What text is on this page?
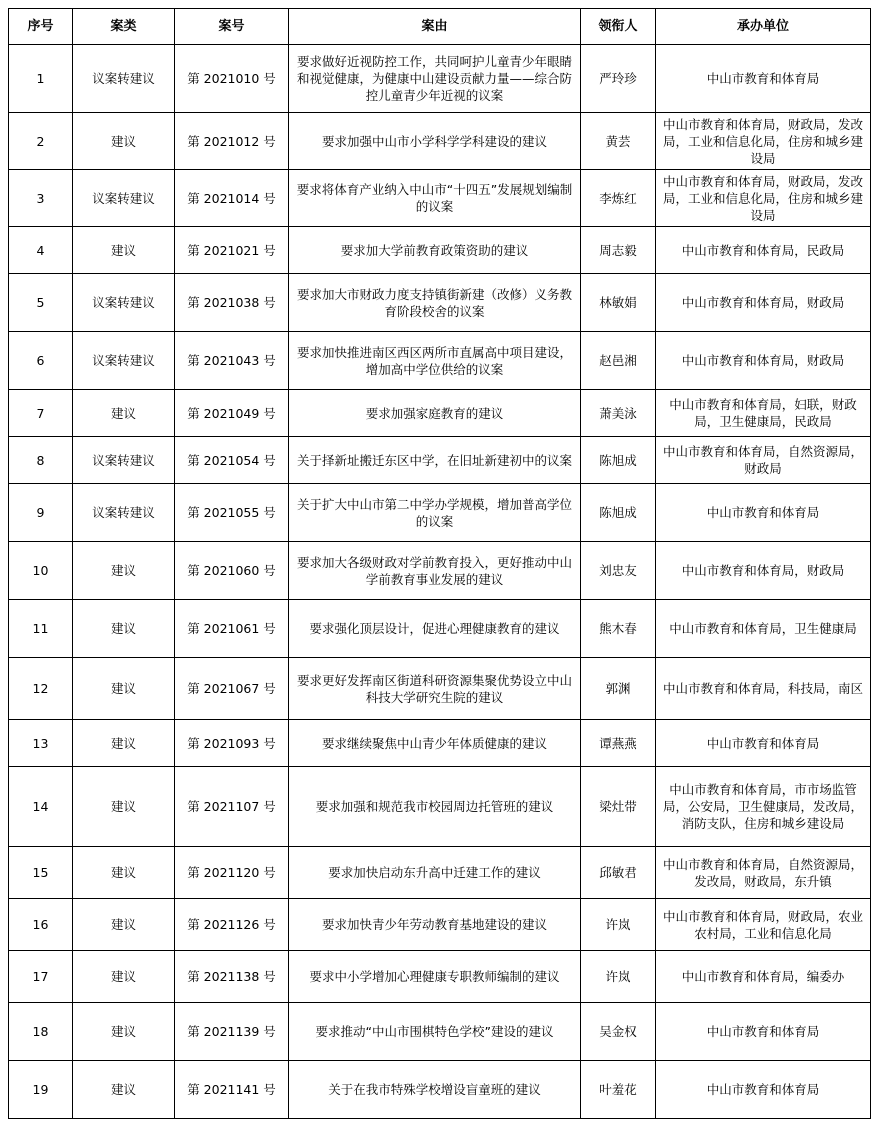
序号	案类	案号	案由	领衔人	承办单位
1	议案转建议	第 2021010 号	要求做好近视防控工作，共同呵护儿童青少年眼睛和视觉健康，为健康中山建设贡献力量——综合防控儿童青少年近视的议案	严玲珍	中山市教育和体育局
2	建议	第 2021012 号	要求加强中山市小学科学学科建设的建议	黄芸	中山市教育和体育局，财政局，发改局，工业和信息化局，住房和城乡建设局
3	议案转建议	第 2021014 号	要求将体育产业纳入中山市“十四五”发展规划编制的议案	李炼红	中山市教育和体育局，财政局，发改局，工业和信息化局，住房和城乡建设局
4	建议	第 2021021 号	要求加大学前教育政策资助的建议	周志毅	中山市教育和体育局，民政局
5	议案转建议	第 2021038 号	要求加大市财政力度支持镇街新建（改修）义务教育阶段校舍的议案	林敏娟	中山市教育和体育局，财政局
6	议案转建议	第 2021043 号	要求加快推进南区西区两所市直属高中项目建设，增加高中学位供给的议案	赵邑湘	中山市教育和体育局，财政局
7	建议	第 2021049 号	要求加强家庭教育的建议	萧美泳	中山市教育和体育局，妇联，财政局，卫生健康局，民政局
8	议案转建议	第 2021054 号	关于择新址搬迁东区中学，在旧址新建初中的议案	陈旭成	中山市教育和体育局，自然资源局，财政局
9	议案转建议	第 2021055 号	关于扩大中山市第二中学办学规模，增加普高学位的议案	陈旭成	中山市教育和体育局
10	建议	第 2021060 号	要求加大各级财政对学前教育投入，更好推动中山学前教育事业发展的建议	刘忠友	中山市教育和体育局，财政局
11	建议	第 2021061 号	要求强化顶层设计，促进心理健康教育的建议	熊木春	中山市教育和体育局，卫生健康局
12	建议	第 2021067 号	要求更好发挥南区街道科研资源集聚优势设立中山科技大学研究生院的建议	郭渊	中山市教育和体育局，科技局，南区
13	建议	第 2021093 号	要求继续聚焦中山青少年体质健康的建议	谭燕燕	中山市教育和体育局
14	建议	第 2021107 号	要求加强和规范我市校园周边托管班的建议	梁灶带	中山市教育和体育局，市市场监管局，公安局，卫生健康局，发改局，消防支队，住房和城乡建设局
15	建议	第 2021120 号	要求加快启动东升高中迁建工作的建议	邱敏君	中山市教育和体育局，自然资源局，发改局，财政局，东升镇
16	建议	第 2021126 号	要求加快青少年劳动教育基地建设的建议	许岚	中山市教育和体育局，财政局，农业农村局，工业和信息化局
17	建议	第 2021138 号	要求中小学增加心理健康专职教师编制的建议	许岚	中山市教育和体育局，编委办
18	建议	第 2021139 号	要求推动“中山市围棋特色学校”建设的建议	吴金权	中山市教育和体育局
19	建议	第 2021141 号	关于在我市特殊学校增设盲童班的建议	叶羞花	中山市教育和体育局
